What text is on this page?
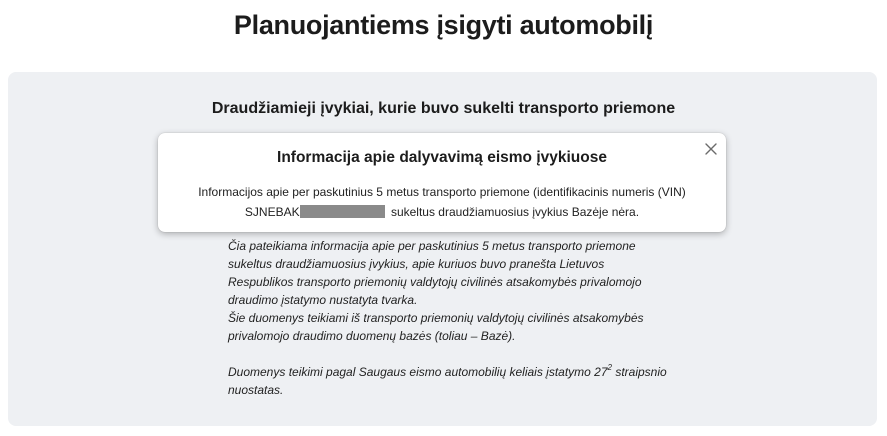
Planuojantiems įsigyti automobilį
Draudžiamieji įvykiai, kurie buvo sukelti transporto priemone

Čia pateikiama informacija apie per paskutinius 5 metus transporto priemone sukeltus draudžiamuosius įvykius, apie kuriuos buvo pranešta Lietuvos Respublikos transporto priemonių valdytojų civilinės atsakomybės privalomojo draudimo įstatymo nustatyta tvarka.

Šie duomenys teikiami iš transporto priemonių valdytojų civilinės atsakomybės privalomojo draudimo duomenų bazės (toliau – Bazė).

Duomenys teikimi pagal Saugaus eismo automobilių keliais įstatymo $27^2$ straipsnio nuostatas.

Informacija apie dalyvavimą eismo įvykiuose
Informacijos apie per paskutinius 5 metus transporto priemone (identifikacinis numeris (VIN) SJNEBAK	sukeltus draudžiamuosius įvykius Bazėje nėra.
